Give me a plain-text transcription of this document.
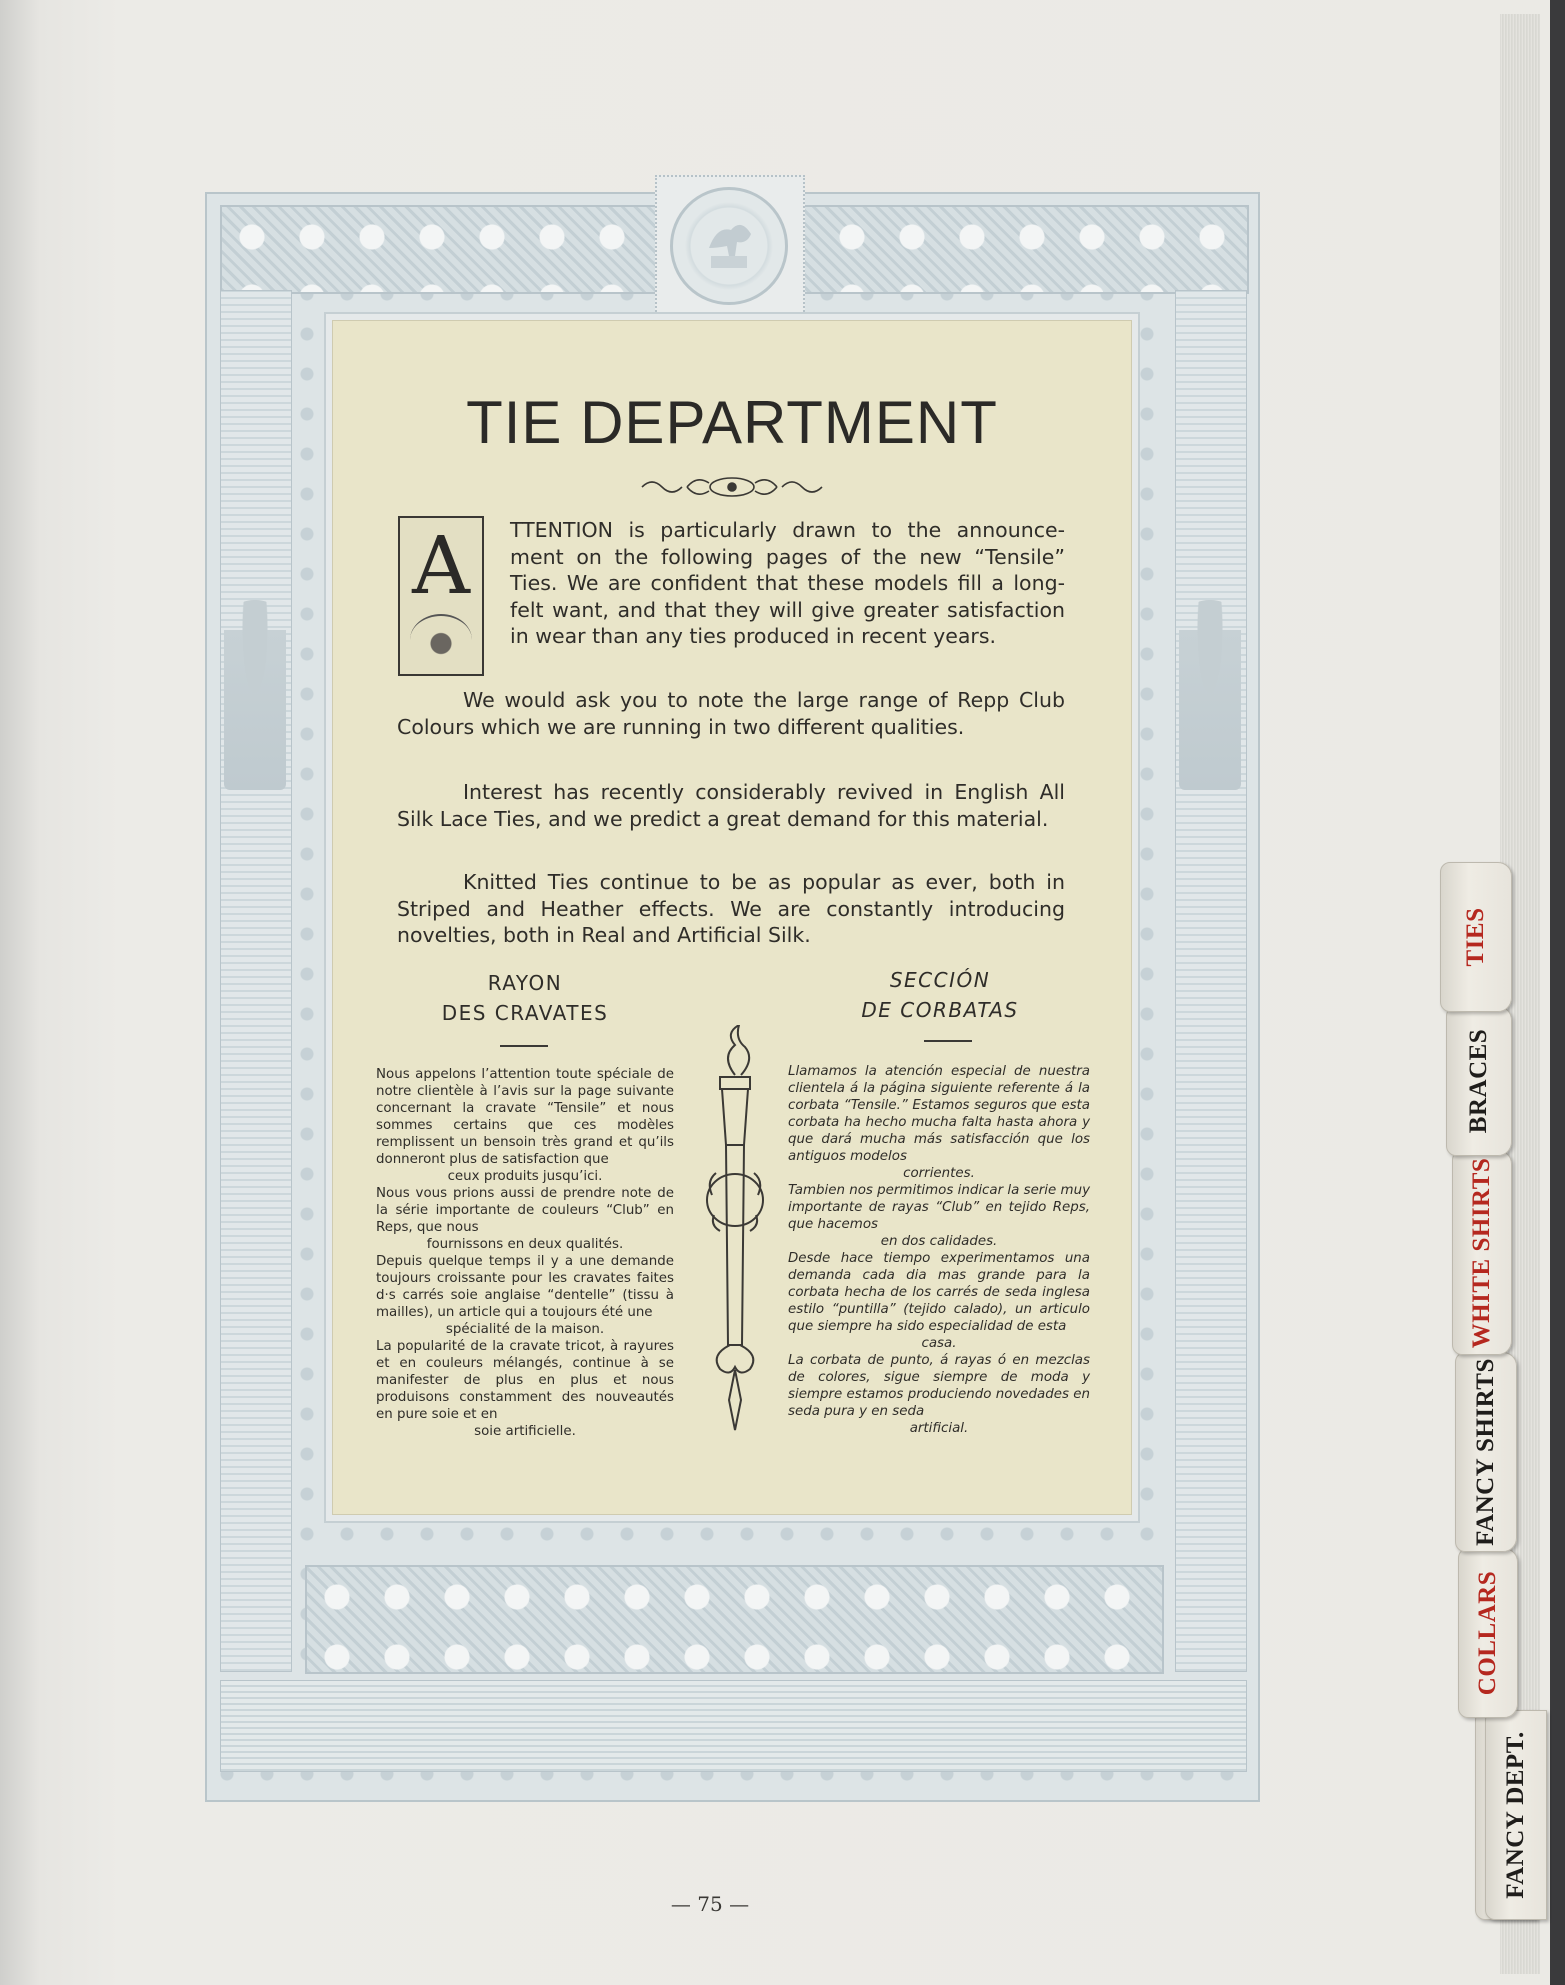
TIE DEPARTMENT
A	TTENTION is particularly drawn to the announce- ment on the following pages of the new “Tensile” Ties. We are confident that these models fill a long-felt want, and that they will give greater satisfaction in wear than any ties produced in recent years.

We would ask you to note the large range of Repp Club Colours which we are running in two different qualities.

Interest has recently considerably revived in English All Silk Lace Ties, and we predict a great demand for this material.

Knitted Ties continue to be as popular as ever, both in Striped and Heather effects. We are constantly introducing novelties, both in Real and Artificial Silk.

RAYON
DES CRAVATES
SECCIÓN
DE CORBATAS

Nous appelons l’attention toute spéciale de notre clientèle à l’avis sur la page suivante concernant la cravate “Tensile” et nous sommes certains que ces modèles remplissent un bensoin très grand et qu’ils donneront plus de satisfaction que

ceux produits jusqu’ici.

Nous vous prions aussi de prendre note de la série importante de couleurs “Club” en Reps, que nous

fournissons en deux qualités.

Depuis quelque temps il y a une demande toujours croissante pour les cravates faites d·s carrés soie anglaise “dentelle” (tissu à mailles), un article qui a toujours été une

spécialité de la maison.

La popularité de la cravate tricot, à rayures et en couleurs mélangés, continue à se manifester de plus en plus et nous produisons constamment des nouveautés en pure soie et en

soie artificielle.

Llamamos la atención especial de nuestra clientela á la página siguiente referente á la corbata “Tensile.” Estamos seguros que esta corbata ha hecho mucha falta hasta ahora y que dará mucha más satisfacción que los antiguos modelos

corrientes.

Tambien nos permitimos indicar la serie muy importante de rayas “Club” en tejido Reps, que hacemos

en dos calidades.

Desde hace tiempo experimentamos una demanda cada dia mas grande para la corbata hecha de los carrés de seda inglesa estilo “puntilla” (tejido calado), un articulo que siempre ha sido especialidad de esta

casa.

La corbata de punto, á rayas ó en mezclas de colores, sigue siempre de moda y siempre estamos produciendo novedades en seda pura y en seda

artificial.

— 75 —
FANCY DEPT.
COLLARS
FANCY SHIRTS
WHITE SHIRTS
BRACES
TIES
